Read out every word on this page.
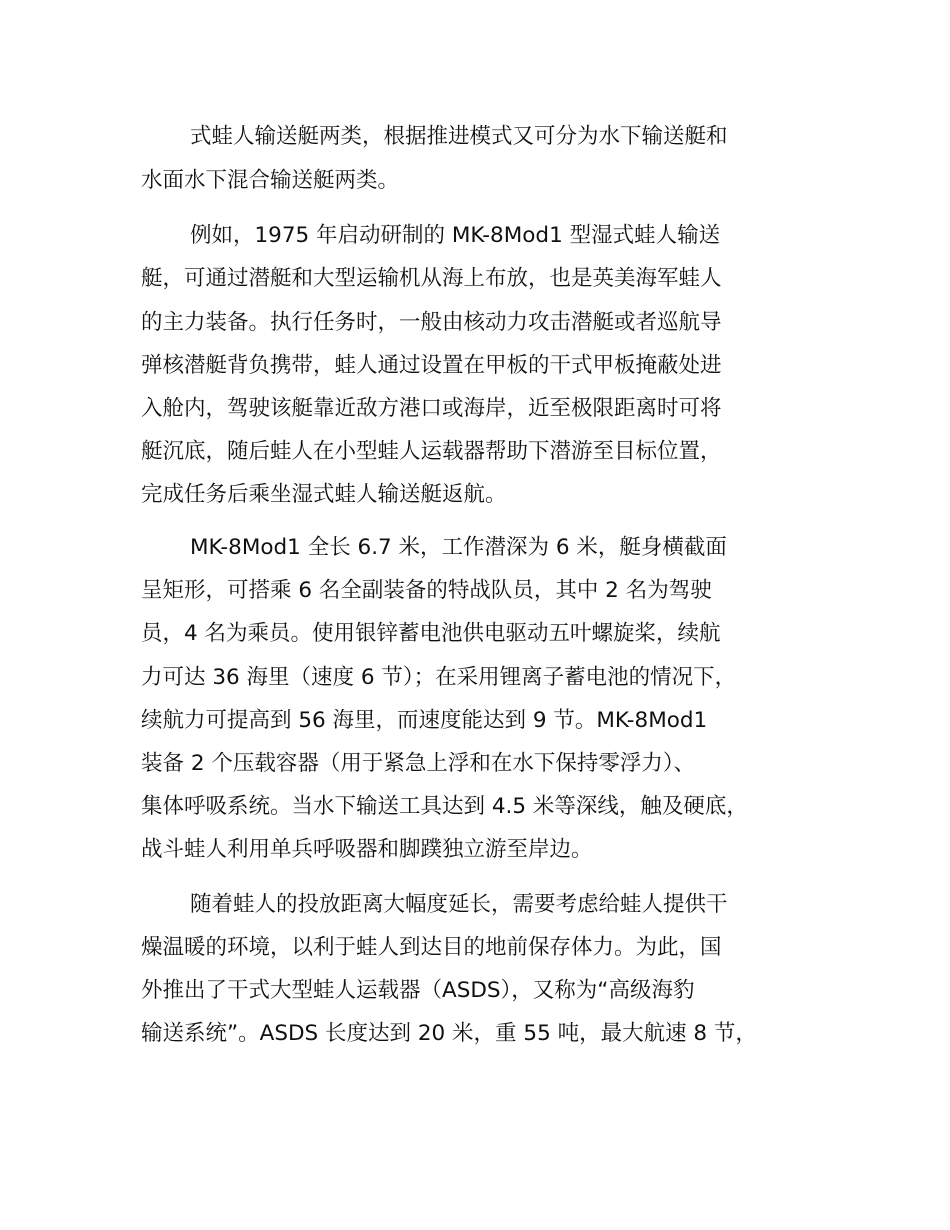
式蛙人输送艇两类，根据推进模式又可分为水下输送艇和
水面水下混合输送艇两类。
例如，1975 年启动研制的 MK-8Mod1 型湿式蛙人输送
艇，可通过潜艇和大型运输机从海上布放，也是英美海军蛙人
的主力装备。执行任务时，一般由核动力攻击潜艇或者巡航导
弹核潜艇背负携带，蛙人通过设置在甲板的干式甲板掩蔽处进
入舱内，驾驶该艇靠近敌方港口或海岸，近至极限距离时可将
艇沉底，随后蛙人在小型蛙人运载器帮助下潜游至目标位置，
完成任务后乘坐湿式蛙人输送艇返航。
MK-8Mod1 全长 6.7 米，工作潜深为 6 米，艇身横截面
呈矩形，可搭乘 6 名全副装备的特战队员，其中 2 名为驾驶
员，4 名为乘员。使用银锌蓄电池供电驱动五叶螺旋桨，续航
力可达 36 海里（速度 6 节）；在采用锂离子蓄电池的情况下，
续航力可提高到 56 海里，而速度能达到 9 节。MK-8Mod1
装备 2 个压载容器（用于紧急上浮和在水下保持零浮力）、
集体呼吸系统。当水下输送工具达到 4.5 米等深线，触及硬底，
战斗蛙人利用单兵呼吸器和脚蹼独立游至岸边。
随着蛙人的投放距离大幅度延长，需要考虑给蛙人提供干
燥温暖的环境，以利于蛙人到达目的地前保存体力。为此，国
外推出了干式大型蛙人运载器（ASDS），又称为“高级海豹
输送系统”。ASDS 长度达到 20 米，重 55 吨，最大航速 8 节，
